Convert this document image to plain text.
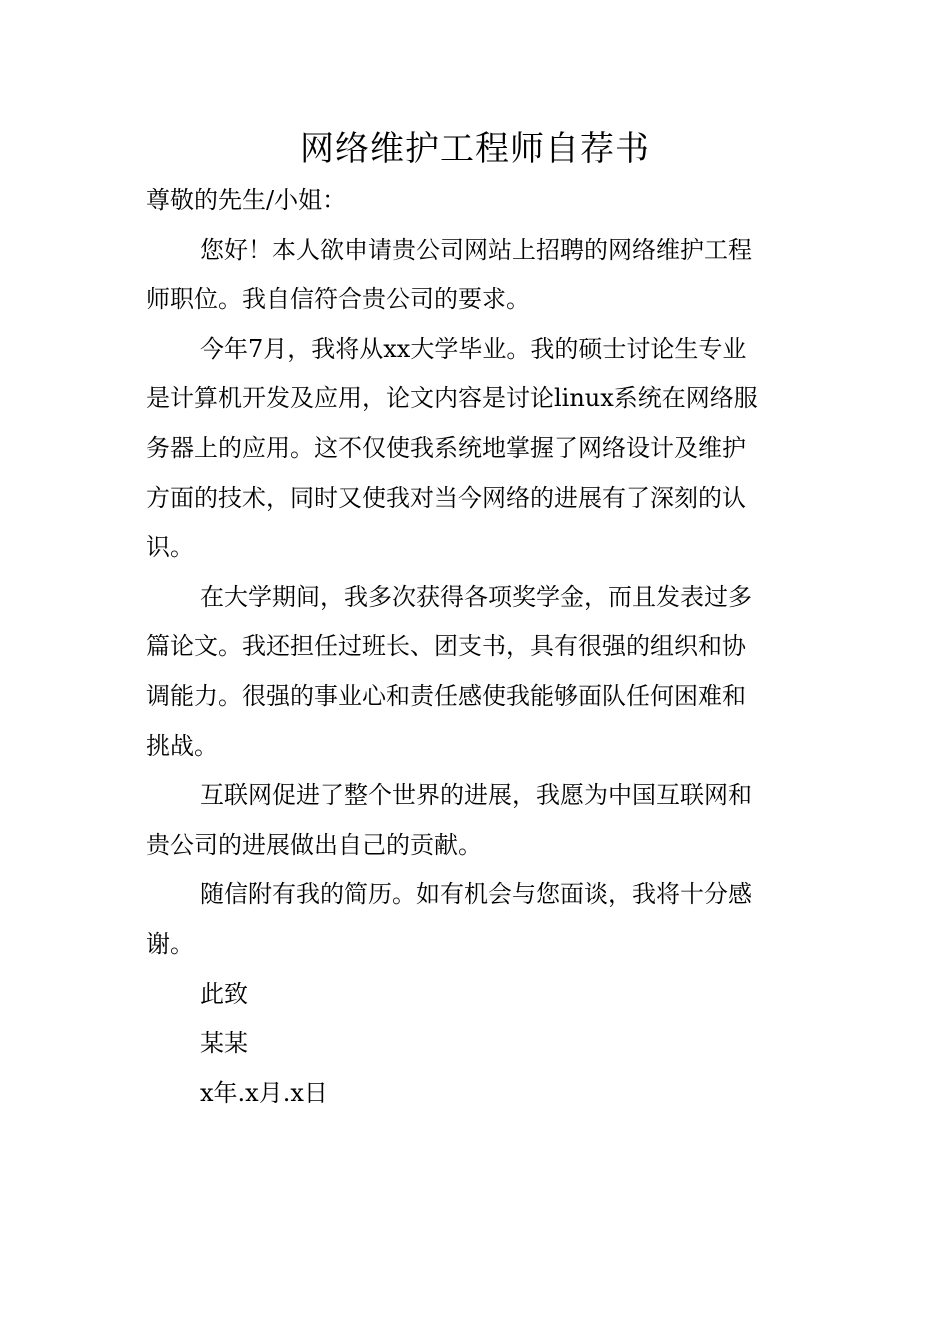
网络维护工程师自荐书
尊敬的先生/小姐：
您好！本人欲申请贵公司网站上招聘的网络维护工程
师职位。我自信符合贵公司的要求。
今年7月，我将从xx大学毕业。我的硕士讨论生专业
是计算机开发及应用，论文内容是讨论linux系统在网络服
务器上的应用。这不仅使我系统地掌握了网络设计及维护
方面的技术，同时又使我对当今网络的进展有了深刻的认
识。
在大学期间，我多次获得各项奖学金，而且发表过多
篇论文。我还担任过班长、团支书，具有很强的组织和协
调能力。很强的事业心和责任感使我能够面队任何困难和
挑战。
互联网促进了整个世界的进展，我愿为中国互联网和
贵公司的进展做出自己的贡献。
随信附有我的简历。如有机会与您面谈，我将十分感
谢。
此致
某某
x年.x月.x日
